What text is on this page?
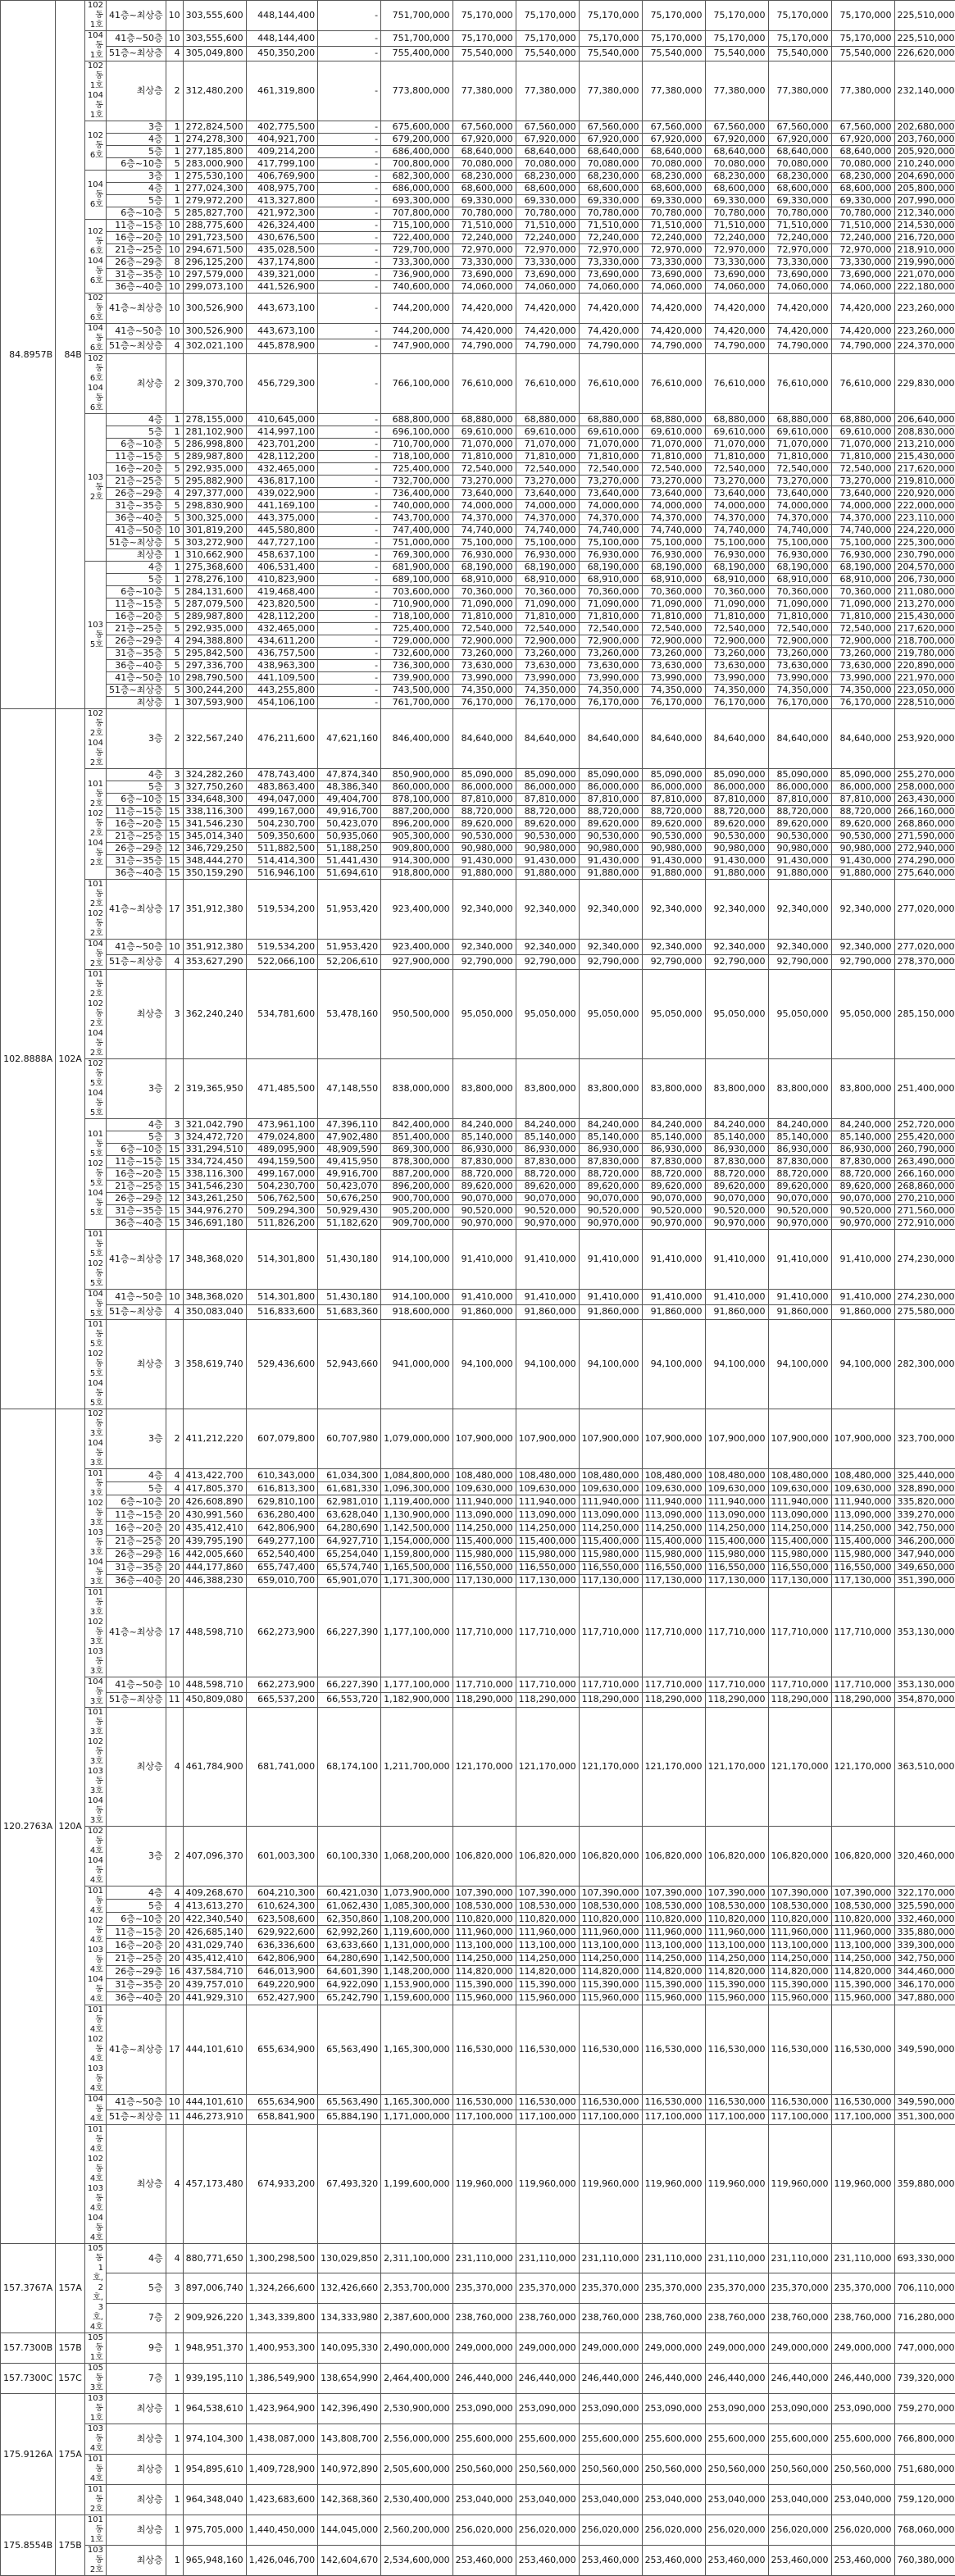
84.8957B	84B	102동 1호	41층~최상층	10	303,555,600	448,144,400	-	751,700,000	75,170,000	75,170,000	75,170,000	75,170,000	75,170,000	75,170,000	75,170,000	225,510,000
		104동 1호	41층~50층	10	303,555,600	448,144,400	-	751,700,000	75,170,000	75,170,000	75,170,000	75,170,000	75,170,000	75,170,000	75,170,000	225,510,000
			51층~최상층	4	305,049,800	450,350,200	-	755,400,000	75,540,000	75,540,000	75,540,000	75,540,000	75,540,000	75,540,000	75,540,000	226,620,000
		102동 1호 104동 1호	최상층	2	312,480,200	461,319,800	-	773,800,000	77,380,000	77,380,000	77,380,000	77,380,000	77,380,000	77,380,000	77,380,000	232,140,000
		102동 6호	3층	1	272,824,500	402,775,500	-	675,600,000	67,560,000	67,560,000	67,560,000	67,560,000	67,560,000	67,560,000	67,560,000	202,680,000
			4층	1	274,278,300	404,921,700	-	679,200,000	67,920,000	67,920,000	67,920,000	67,920,000	67,920,000	67,920,000	67,920,000	203,760,000
			5층	1	277,185,800	409,214,200	-	686,400,000	68,640,000	68,640,000	68,640,000	68,640,000	68,640,000	68,640,000	68,640,000	205,920,000
			6층~10층	5	283,000,900	417,799,100	-	700,800,000	70,080,000	70,080,000	70,080,000	70,080,000	70,080,000	70,080,000	70,080,000	210,240,000
		104동 6호	3층	1	275,530,100	406,769,900	-	682,300,000	68,230,000	68,230,000	68,230,000	68,230,000	68,230,000	68,230,000	68,230,000	204,690,000
			4층	1	277,024,300	408,975,700	-	686,000,000	68,600,000	68,600,000	68,600,000	68,600,000	68,600,000	68,600,000	68,600,000	205,800,000
			5층	1	279,972,200	413,327,800	-	693,300,000	69,330,000	69,330,000	69,330,000	69,330,000	69,330,000	69,330,000	69,330,000	207,990,000
			6층~10층	5	285,827,700	421,972,300	-	707,800,000	70,780,000	70,780,000	70,780,000	70,780,000	70,780,000	70,780,000	70,780,000	212,340,000
		102동 6호 104동 6호	11층~15층	10	288,775,600	426,324,400	-	715,100,000	71,510,000	71,510,000	71,510,000	71,510,000	71,510,000	71,510,000	71,510,000	214,530,000
			16층~20층	10	291,723,500	430,676,500	-	722,400,000	72,240,000	72,240,000	72,240,000	72,240,000	72,240,000	72,240,000	72,240,000	216,720,000
			21층~25층	10	294,671,500	435,028,500	-	729,700,000	72,970,000	72,970,000	72,970,000	72,970,000	72,970,000	72,970,000	72,970,000	218,910,000
			26층~29층	8	296,125,200	437,174,800	-	733,300,000	73,330,000	73,330,000	73,330,000	73,330,000	73,330,000	73,330,000	73,330,000	219,990,000
			31층~35층	10	297,579,000	439,321,000	-	736,900,000	73,690,000	73,690,000	73,690,000	73,690,000	73,690,000	73,690,000	73,690,000	221,070,000
			36층~40층	10	299,073,100	441,526,900	-	740,600,000	74,060,000	74,060,000	74,060,000	74,060,000	74,060,000	74,060,000	74,060,000	222,180,000
		102동 6호	41층~최상층	10	300,526,900	443,673,100	-	744,200,000	74,420,000	74,420,000	74,420,000	74,420,000	74,420,000	74,420,000	74,420,000	223,260,000
		104동 6호	41층~50층	10	300,526,900	443,673,100	-	744,200,000	74,420,000	74,420,000	74,420,000	74,420,000	74,420,000	74,420,000	74,420,000	223,260,000
			51층~최상층	4	302,021,100	445,878,900	-	747,900,000	74,790,000	74,790,000	74,790,000	74,790,000	74,790,000	74,790,000	74,790,000	224,370,000
		102동 6호 104동 6호	최상층	2	309,370,700	456,729,300	-	766,100,000	76,610,000	76,610,000	76,610,000	76,610,000	76,610,000	76,610,000	76,610,000	229,830,000
		103동 2호	4층	1	278,155,000	410,645,000	-	688,800,000	68,880,000	68,880,000	68,880,000	68,880,000	68,880,000	68,880,000	68,880,000	206,640,000
			5층	1	281,102,900	414,997,100	-	696,100,000	69,610,000	69,610,000	69,610,000	69,610,000	69,610,000	69,610,000	69,610,000	208,830,000
			6층~10층	5	286,998,800	423,701,200	-	710,700,000	71,070,000	71,070,000	71,070,000	71,070,000	71,070,000	71,070,000	71,070,000	213,210,000
			11층~15층	5	289,987,800	428,112,200	-	718,100,000	71,810,000	71,810,000	71,810,000	71,810,000	71,810,000	71,810,000	71,810,000	215,430,000
			16층~20층	5	292,935,000	432,465,000	-	725,400,000	72,540,000	72,540,000	72,540,000	72,540,000	72,540,000	72,540,000	72,540,000	217,620,000
			21층~25층	5	295,882,900	436,817,100	-	732,700,000	73,270,000	73,270,000	73,270,000	73,270,000	73,270,000	73,270,000	73,270,000	219,810,000
			26층~29층	4	297,377,000	439,022,900	-	736,400,000	73,640,000	73,640,000	73,640,000	73,640,000	73,640,000	73,640,000	73,640,000	220,920,000
			31층~35층	5	298,830,900	441,169,100	-	740,000,000	74,000,000	74,000,000	74,000,000	74,000,000	74,000,000	74,000,000	74,000,000	222,000,000
			36층~40층	5	300,325,000	443,375,000	-	743,700,000	74,370,000	74,370,000	74,370,000	74,370,000	74,370,000	74,370,000	74,370,000	223,110,000
			41층~50층	10	301,819,200	445,580,800	-	747,400,000	74,740,000	74,740,000	74,740,000	74,740,000	74,740,000	74,740,000	74,740,000	224,220,000
			51층~최상층	5	303,272,900	447,727,100	-	751,000,000	75,100,000	75,100,000	75,100,000	75,100,000	75,100,000	75,100,000	75,100,000	225,300,000
			최상층	1	310,662,900	458,637,100	-	769,300,000	76,930,000	76,930,000	76,930,000	76,930,000	76,930,000	76,930,000	76,930,000	230,790,000
		103동 5호	4층	1	275,368,600	406,531,400	-	681,900,000	68,190,000	68,190,000	68,190,000	68,190,000	68,190,000	68,190,000	68,190,000	204,570,000
			5층	1	278,276,100	410,823,900	-	689,100,000	68,910,000	68,910,000	68,910,000	68,910,000	68,910,000	68,910,000	68,910,000	206,730,000
			6층~10층	5	284,131,600	419,468,400	-	703,600,000	70,360,000	70,360,000	70,360,000	70,360,000	70,360,000	70,360,000	70,360,000	211,080,000
			11층~15층	5	287,079,500	423,820,500	-	710,900,000	71,090,000	71,090,000	71,090,000	71,090,000	71,090,000	71,090,000	71,090,000	213,270,000
			16층~20층	5	289,987,800	428,112,200	-	718,100,000	71,810,000	71,810,000	71,810,000	71,810,000	71,810,000	71,810,000	71,810,000	215,430,000
			21층~25층	5	292,935,000	432,465,000	-	725,400,000	72,540,000	72,540,000	72,540,000	72,540,000	72,540,000	72,540,000	72,540,000	217,620,000
			26층~29층	4	294,388,800	434,611,200	-	729,000,000	72,900,000	72,900,000	72,900,000	72,900,000	72,900,000	72,900,000	72,900,000	218,700,000
			31층~35층	5	295,842,500	436,757,500	-	732,600,000	73,260,000	73,260,000	73,260,000	73,260,000	73,260,000	73,260,000	73,260,000	219,780,000
			36층~40층	5	297,336,700	438,963,300	-	736,300,000	73,630,000	73,630,000	73,630,000	73,630,000	73,630,000	73,630,000	73,630,000	220,890,000
			41층~50층	10	298,790,500	441,109,500	-	739,900,000	73,990,000	73,990,000	73,990,000	73,990,000	73,990,000	73,990,000	73,990,000	221,970,000
			51층~최상층	5	300,244,200	443,255,800	-	743,500,000	74,350,000	74,350,000	74,350,000	74,350,000	74,350,000	74,350,000	74,350,000	223,050,000
			최상층	1	307,593,900	454,106,100	-	761,700,000	76,170,000	76,170,000	76,170,000	76,170,000	76,170,000	76,170,000	76,170,000	228,510,000
102.8888A	102A	102동 2호 104동 2호	3층	2	322,567,240	476,211,600	47,621,160	846,400,000	84,640,000	84,640,000	84,640,000	84,640,000	84,640,000	84,640,000	84,640,000	253,920,000
		101동 2호 102동 2호 104동 2호	4층	3	324,282,260	478,743,400	47,874,340	850,900,000	85,090,000	85,090,000	85,090,000	85,090,000	85,090,000	85,090,000	85,090,000	255,270,000
			5층	3	327,750,260	483,863,400	48,386,340	860,000,000	86,000,000	86,000,000	86,000,000	86,000,000	86,000,000	86,000,000	86,000,000	258,000,000
			6층~10층	15	334,648,300	494,047,000	49,404,700	878,100,000	87,810,000	87,810,000	87,810,000	87,810,000	87,810,000	87,810,000	87,810,000	263,430,000
			11층~15층	15	338,116,300	499,167,000	49,916,700	887,200,000	88,720,000	88,720,000	88,720,000	88,720,000	88,720,000	88,720,000	88,720,000	266,160,000
			16층~20층	15	341,546,230	504,230,700	50,423,070	896,200,000	89,620,000	89,620,000	89,620,000	89,620,000	89,620,000	89,620,000	89,620,000	268,860,000
			21층~25층	15	345,014,340	509,350,600	50,935,060	905,300,000	90,530,000	90,530,000	90,530,000	90,530,000	90,530,000	90,530,000	90,530,000	271,590,000
			26층~29층	12	346,729,250	511,882,500	51,188,250	909,800,000	90,980,000	90,980,000	90,980,000	90,980,000	90,980,000	90,980,000	90,980,000	272,940,000
			31층~35층	15	348,444,270	514,414,300	51,441,430	914,300,000	91,430,000	91,430,000	91,430,000	91,430,000	91,430,000	91,430,000	91,430,000	274,290,000
			36층~40층	15	350,159,290	516,946,100	51,694,610	918,800,000	91,880,000	91,880,000	91,880,000	91,880,000	91,880,000	91,880,000	91,880,000	275,640,000
		101동 2호 102동 2호	41층~최상층	17	351,912,380	519,534,200	51,953,420	923,400,000	92,340,000	92,340,000	92,340,000	92,340,000	92,340,000	92,340,000	92,340,000	277,020,000
		104동 2호	41층~50층	10	351,912,380	519,534,200	51,953,420	923,400,000	92,340,000	92,340,000	92,340,000	92,340,000	92,340,000	92,340,000	92,340,000	277,020,000
			51층~최상층	4	353,627,290	522,066,100	52,206,610	927,900,000	92,790,000	92,790,000	92,790,000	92,790,000	92,790,000	92,790,000	92,790,000	278,370,000
		101동 2호 102동 2호 104동 2호	최상층	3	362,240,240	534,781,600	53,478,160	950,500,000	95,050,000	95,050,000	95,050,000	95,050,000	95,050,000	95,050,000	95,050,000	285,150,000
		102동 5호 104동 5호	3층	2	319,365,950	471,485,500	47,148,550	838,000,000	83,800,000	83,800,000	83,800,000	83,800,000	83,800,000	83,800,000	83,800,000	251,400,000
		101동 5호 102동 5호 104동 5호	4층	3	321,042,790	473,961,100	47,396,110	842,400,000	84,240,000	84,240,000	84,240,000	84,240,000	84,240,000	84,240,000	84,240,000	252,720,000
			5층	3	324,472,720	479,024,800	47,902,480	851,400,000	85,140,000	85,140,000	85,140,000	85,140,000	85,140,000	85,140,000	85,140,000	255,420,000
			6층~10층	15	331,294,510	489,095,900	48,909,590	869,300,000	86,930,000	86,930,000	86,930,000	86,930,000	86,930,000	86,930,000	86,930,000	260,790,000
			11층~15층	15	334,724,450	494,159,500	49,415,950	878,300,000	87,830,000	87,830,000	87,830,000	87,830,000	87,830,000	87,830,000	87,830,000	263,490,000
			16층~20층	15	338,116,300	499,167,000	49,916,700	887,200,000	88,720,000	88,720,000	88,720,000	88,720,000	88,720,000	88,720,000	88,720,000	266,160,000
			21층~25층	15	341,546,230	504,230,700	50,423,070	896,200,000	89,620,000	89,620,000	89,620,000	89,620,000	89,620,000	89,620,000	89,620,000	268,860,000
			26층~29층	12	343,261,250	506,762,500	50,676,250	900,700,000	90,070,000	90,070,000	90,070,000	90,070,000	90,070,000	90,070,000	90,070,000	270,210,000
			31층~35층	15	344,976,270	509,294,300	50,929,430	905,200,000	90,520,000	90,520,000	90,520,000	90,520,000	90,520,000	90,520,000	90,520,000	271,560,000
			36층~40층	15	346,691,180	511,826,200	51,182,620	909,700,000	90,970,000	90,970,000	90,970,000	90,970,000	90,970,000	90,970,000	90,970,000	272,910,000
		101동 5호 102동 5호	41층~최상층	17	348,368,020	514,301,800	51,430,180	914,100,000	91,410,000	91,410,000	91,410,000	91,410,000	91,410,000	91,410,000	91,410,000	274,230,000
		104동 5호	41층~50층	10	348,368,020	514,301,800	51,430,180	914,100,000	91,410,000	91,410,000	91,410,000	91,410,000	91,410,000	91,410,000	91,410,000	274,230,000
			51층~최상층	4	350,083,040	516,833,600	51,683,360	918,600,000	91,860,000	91,860,000	91,860,000	91,860,000	91,860,000	91,860,000	91,860,000	275,580,000
		101동 5호 102동 5호 104동 5호	최상층	3	358,619,740	529,436,600	52,943,660	941,000,000	94,100,000	94,100,000	94,100,000	94,100,000	94,100,000	94,100,000	94,100,000	282,300,000
120.2763A	120A	102동 3호 104동 3호	3층	2	411,212,220	607,079,800	60,707,980	1,079,000,000	107,900,000	107,900,000	107,900,000	107,900,000	107,900,000	107,900,000	107,900,000	323,700,000
		101동 3호 102동 3호 103동 3호 104동 3호	4층	4	413,422,700	610,343,000	61,034,300	1,084,800,000	108,480,000	108,480,000	108,480,000	108,480,000	108,480,000	108,480,000	108,480,000	325,440,000
			5층	4	417,805,370	616,813,300	61,681,330	1,096,300,000	109,630,000	109,630,000	109,630,000	109,630,000	109,630,000	109,630,000	109,630,000	328,890,000
			6층~10층	20	426,608,890	629,810,100	62,981,010	1,119,400,000	111,940,000	111,940,000	111,940,000	111,940,000	111,940,000	111,940,000	111,940,000	335,820,000
			11층~15층	20	430,991,560	636,280,400	63,628,040	1,130,900,000	113,090,000	113,090,000	113,090,000	113,090,000	113,090,000	113,090,000	113,090,000	339,270,000
			16층~20층	20	435,412,410	642,806,900	64,280,690	1,142,500,000	114,250,000	114,250,000	114,250,000	114,250,000	114,250,000	114,250,000	114,250,000	342,750,000
			21층~25층	20	439,795,190	649,277,100	64,927,710	1,154,000,000	115,400,000	115,400,000	115,400,000	115,400,000	115,400,000	115,400,000	115,400,000	346,200,000
			26층~29층	16	442,005,660	652,540,400	65,254,040	1,159,800,000	115,980,000	115,980,000	115,980,000	115,980,000	115,980,000	115,980,000	115,980,000	347,940,000
			31층~35층	20	444,177,860	655,747,400	65,574,740	1,165,500,000	116,550,000	116,550,000	116,550,000	116,550,000	116,550,000	116,550,000	116,550,000	349,650,000
			36층~40층	20	446,388,230	659,010,700	65,901,070	1,171,300,000	117,130,000	117,130,000	117,130,000	117,130,000	117,130,000	117,130,000	117,130,000	351,390,000
		101동 3호 102동 3호 103동 3호	41층~최상층	17	448,598,710	662,273,900	66,227,390	1,177,100,000	117,710,000	117,710,000	117,710,000	117,710,000	117,710,000	117,710,000	117,710,000	353,130,000
		104동 3호	41층~50층	10	448,598,710	662,273,900	66,227,390	1,177,100,000	117,710,000	117,710,000	117,710,000	117,710,000	117,710,000	117,710,000	117,710,000	353,130,000
			51층~최상층	11	450,809,080	665,537,200	66,553,720	1,182,900,000	118,290,000	118,290,000	118,290,000	118,290,000	118,290,000	118,290,000	118,290,000	354,870,000
		101동 3호 102동 3호 103동 3호 104동 3호	최상층	4	461,784,900	681,741,000	68,174,100	1,211,700,000	121,170,000	121,170,000	121,170,000	121,170,000	121,170,000	121,170,000	121,170,000	363,510,000
		102동 4호 104동 4호	3층	2	407,096,370	601,003,300	60,100,330	1,068,200,000	106,820,000	106,820,000	106,820,000	106,820,000	106,820,000	106,820,000	106,820,000	320,460,000
		101동 4호 102동 4호 103동 4호 104동 4호	4층	4	409,268,670	604,210,300	60,421,030	1,073,900,000	107,390,000	107,390,000	107,390,000	107,390,000	107,390,000	107,390,000	107,390,000	322,170,000
			5층	4	413,613,270	610,624,300	61,062,430	1,085,300,000	108,530,000	108,530,000	108,530,000	108,530,000	108,530,000	108,530,000	108,530,000	325,590,000
			6층~10층	20	422,340,540	623,508,600	62,350,860	1,108,200,000	110,820,000	110,820,000	110,820,000	110,820,000	110,820,000	110,820,000	110,820,000	332,460,000
			11층~15층	20	426,685,140	629,922,600	62,992,260	1,119,600,000	111,960,000	111,960,000	111,960,000	111,960,000	111,960,000	111,960,000	111,960,000	335,880,000
			16층~20층	20	431,029,740	636,336,600	63,633,660	1,131,000,000	113,100,000	113,100,000	113,100,000	113,100,000	113,100,000	113,100,000	113,100,000	339,300,000
			21층~25층	20	435,412,410	642,806,900	64,280,690	1,142,500,000	114,250,000	114,250,000	114,250,000	114,250,000	114,250,000	114,250,000	114,250,000	342,750,000
			26층~29층	16	437,584,710	646,013,900	64,601,390	1,148,200,000	114,820,000	114,820,000	114,820,000	114,820,000	114,820,000	114,820,000	114,820,000	344,460,000
			31층~35층	20	439,757,010	649,220,900	64,922,090	1,153,900,000	115,390,000	115,390,000	115,390,000	115,390,000	115,390,000	115,390,000	115,390,000	346,170,000
			36층~40층	20	441,929,310	652,427,900	65,242,790	1,159,600,000	115,960,000	115,960,000	115,960,000	115,960,000	115,960,000	115,960,000	115,960,000	347,880,000
		101동 4호 102동 4호 103동 4호	41층~최상층	17	444,101,610	655,634,900	65,563,490	1,165,300,000	116,530,000	116,530,000	116,530,000	116,530,000	116,530,000	116,530,000	116,530,000	349,590,000
		104동 4호	41층~50층	10	444,101,610	655,634,900	65,563,490	1,165,300,000	116,530,000	116,530,000	116,530,000	116,530,000	116,530,000	116,530,000	116,530,000	349,590,000
			51층~최상층	11	446,273,910	658,841,900	65,884,190	1,171,000,000	117,100,000	117,100,000	117,100,000	117,100,000	117,100,000	117,100,000	117,100,000	351,300,000
		101동 4호 102동 4호 103동 4호 104동 4호	최상층	4	457,173,480	674,933,200	67,493,320	1,199,600,000	119,960,000	119,960,000	119,960,000	119,960,000	119,960,000	119,960,000	119,960,000	359,880,000
157.3767A	157A	105동 1호, 2호, 3호, 4호	4층	4	880,771,650	1,300,298,500	130,029,850	2,311,100,000	231,110,000	231,110,000	231,110,000	231,110,000	231,110,000	231,110,000	231,110,000	693,330,000
			5층	3	897,006,740	1,324,266,600	132,426,660	2,353,700,000	235,370,000	235,370,000	235,370,000	235,370,000	235,370,000	235,370,000	235,370,000	706,110,000
			7층	2	909,926,220	1,343,339,800	134,333,980	2,387,600,000	238,760,000	238,760,000	238,760,000	238,760,000	238,760,000	238,760,000	238,760,000	716,280,000
157.7300B	157B	105동 1호	9층	1	948,951,370	1,400,953,300	140,095,330	2,490,000,000	249,000,000	249,000,000	249,000,000	249,000,000	249,000,000	249,000,000	249,000,000	747,000,000
157.7300C	157C	105동 3호	7층	1	939,195,110	1,386,549,900	138,654,990	2,464,400,000	246,440,000	246,440,000	246,440,000	246,440,000	246,440,000	246,440,000	246,440,000	739,320,000
175.9126A	175A	103동 1호	최상층	1	964,538,610	1,423,964,900	142,396,490	2,530,900,000	253,090,000	253,090,000	253,090,000	253,090,000	253,090,000	253,090,000	253,090,000	759,270,000
		103동 4호	최상층	1	974,104,300	1,438,087,000	143,808,700	2,556,000,000	255,600,000	255,600,000	255,600,000	255,600,000	255,600,000	255,600,000	255,600,000	766,800,000
		101동 4호	최상층	1	954,895,610	1,409,728,900	140,972,890	2,505,600,000	250,560,000	250,560,000	250,560,000	250,560,000	250,560,000	250,560,000	250,560,000	751,680,000
		101동 2호	최상층	1	964,348,040	1,423,683,600	142,368,360	2,530,400,000	253,040,000	253,040,000	253,040,000	253,040,000	253,040,000	253,040,000	253,040,000	759,120,000
175.8554B	175B	101동 1호	최상층	1	975,705,000	1,440,450,000	144,045,000	2,560,200,000	256,020,000	256,020,000	256,020,000	256,020,000	256,020,000	256,020,000	256,020,000	768,060,000
		103동 2호	최상층	1	965,948,160	1,426,046,700	142,604,670	2,534,600,000	253,460,000	253,460,000	253,460,000	253,460,000	253,460,000	253,460,000	253,460,000	760,380,000
